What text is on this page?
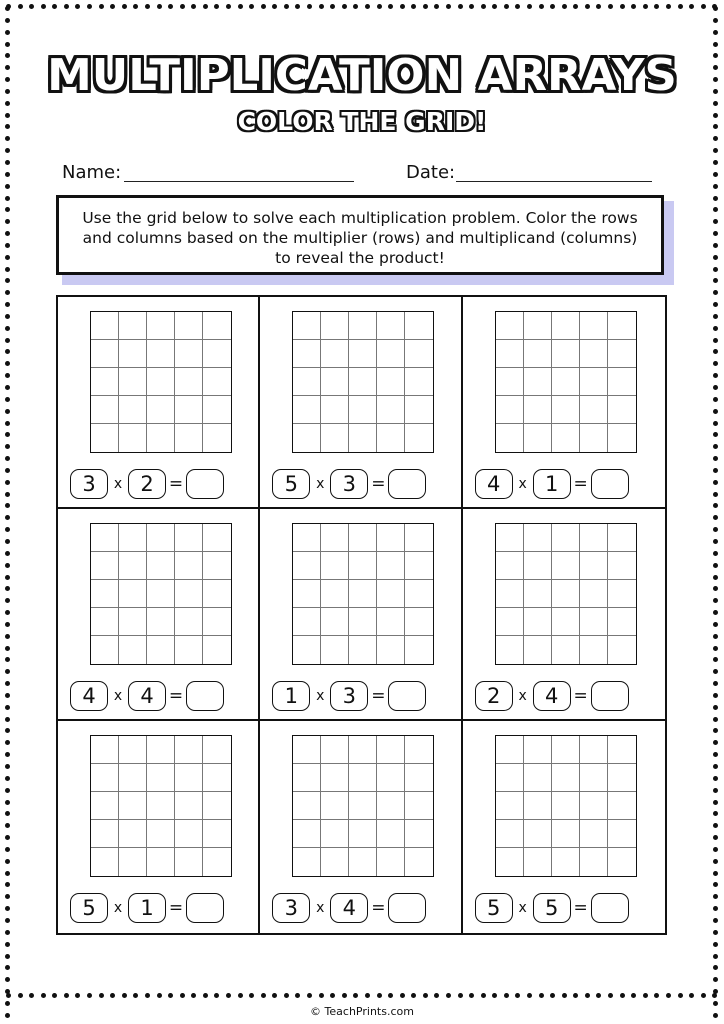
MULTIPLICATION ARRAYS
COLOR THE GRID!
Name:	Date:
Use the grid below to solve each multiplication problem. Color the rows and columns based on the multiplier (rows) and multiplicand (columns) to reveal the product!
3	x 2 =	5	x 3 =	4	x 1 =
4	x 4 =	1	x 3 =	2	x 4 =
5	x 1 =	3	x 4 =	5	x 5 =
© TeachPrints.com
